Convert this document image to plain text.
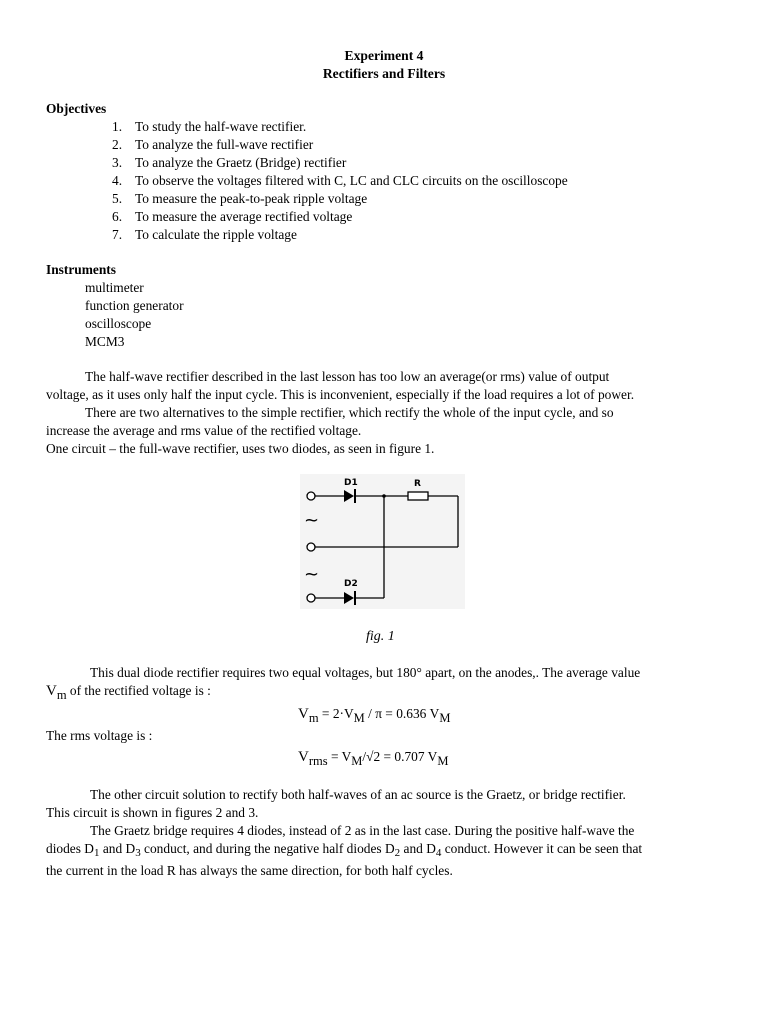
Experiment 4
Rectifiers and Filters
Objectives
1. To study the half-wave rectifier.
2. To analyze the full-wave rectifier
3. To analyze the Graetz (Bridge) rectifier
4. To observe the voltages filtered with C, LC and CLC circuits on the oscilloscope
5. To measure the peak-to-peak ripple voltage
6. To measure the average rectified voltage
7. To calculate the ripple voltage
Instruments
multimeter
function generator
oscilloscope
MCM3
The half-wave rectifier described in the last lesson has too low an average(or rms) value of output
voltage, as it uses only half the input cycle. This is inconvenient, especially if the load requires a lot of power.
There are two alternatives to the simple rectifier, which rectify the whole of the input cycle, and so
increase the average and rms value of the rectified voltage.
One circuit – the full-wave rectifier, uses two diodes, as seen in figure 1.
D1
D2
R
~
~
fig. 1
This dual diode rectifier requires two equal voltages, but 180° apart, on the anodes,. The average value
Vm of the rectified voltage is :
$V_m = 2\cdot V_M / \pi = 0.636$ $V_M$
The rms voltage is :
$V_{rms} = V_M/√2 = 0.707$ $V_M$
The other circuit solution to rectify both half-waves of an ac source is the Graetz, or bridge rectifier.
This circuit is shown in figures 2 and 3.
The Graetz bridge requires 4 diodes, instead of 2 as in the last case. During the positive half-wave the
diodes $D_1$ and $D_3$ conduct, and during the negative half diodes $D_2$ and $D_4$ conduct. However it can be seen that
the current in the load R has always the same direction, for both half cycles.
